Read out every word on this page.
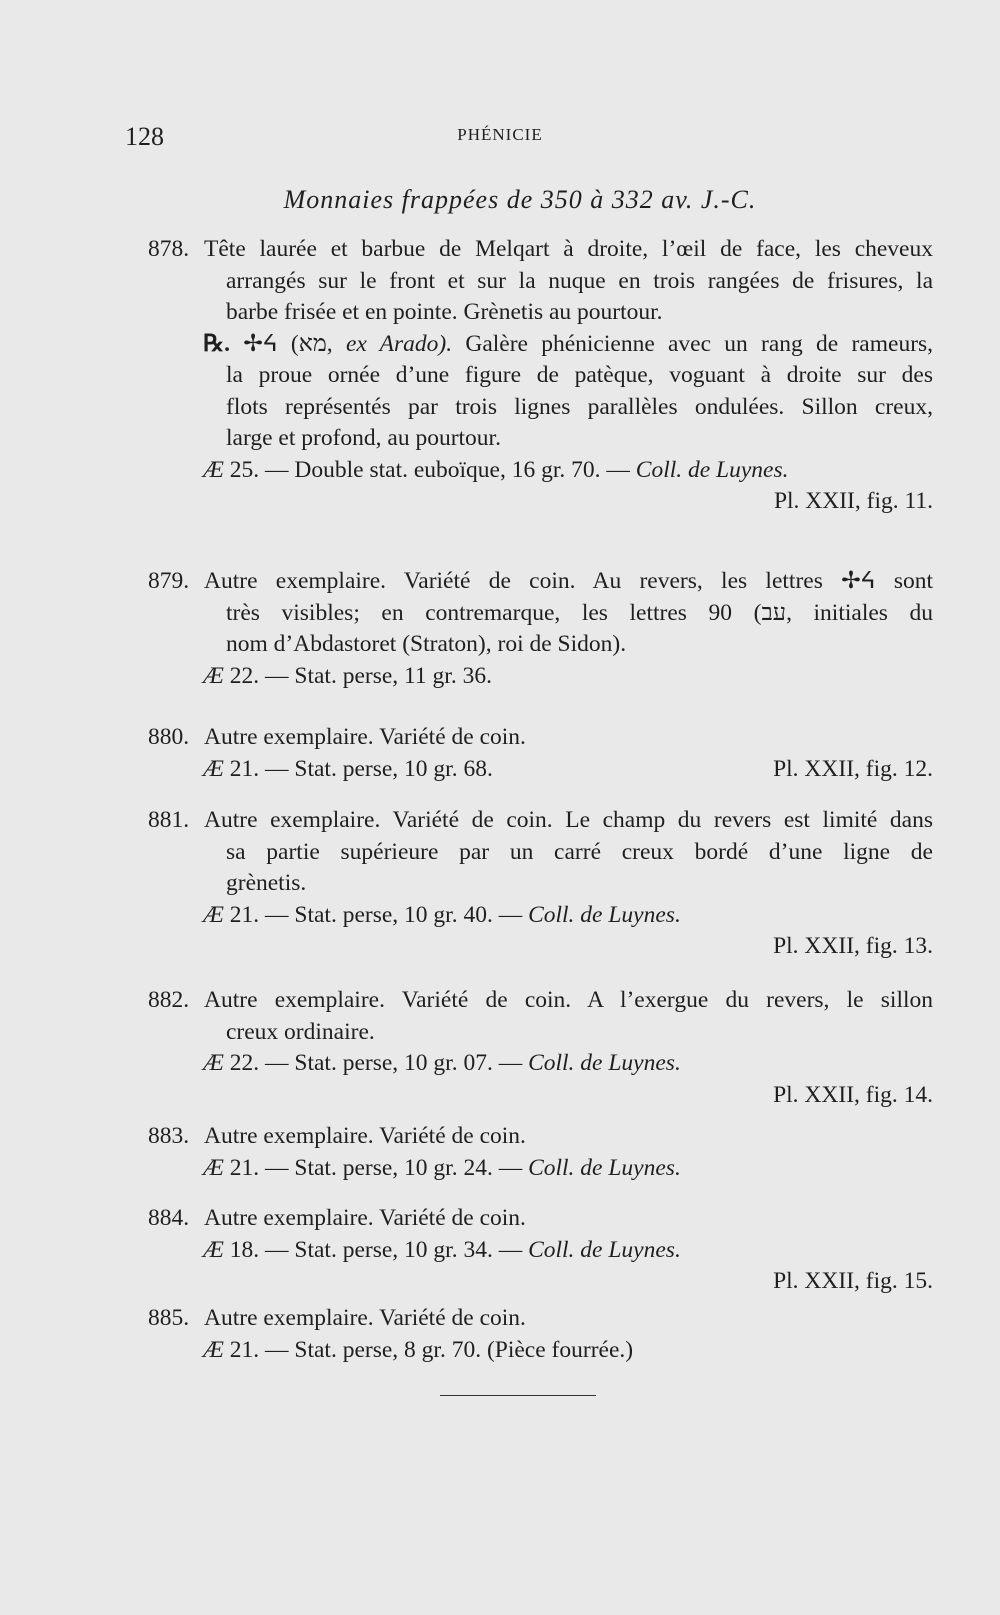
128	PHÉNICIE
Monnaies frappées de 350 à 332 av. J.-C.
878. Tête laurée et barbue de Melqart à droite, l’œil de face, les cheveux
arrangés sur le front et sur la nuque en trois rangées de frisures, la
barbe frisée et en pointe. Grènetis au pourtour.
℞. ✢ᔦ (מא, ex Arado). Galère phénicienne avec un rang de rameurs,
la proue ornée d’une figure de patèque, voguant à droite sur des
flots représentés par trois lignes parallèles ondulées. Sillon creux,
large et profond, au pourtour.
Æ 25. — Double stat. euboïque, 16 gr. 70. — Coll. de Luynes.
Pl. XXII, fig. 11.
879. Autre exemplaire. Variété de coin. Au revers, les lettres ✢ᔦ sont
très visibles; en contremarque, les lettres 90 (עב, initiales du
nom d’Abdastoret (Straton), roi de Sidon).
Æ 22. — Stat. perse, 11 gr. 36.
880. Autre exemplaire. Variété de coin.
Æ 21. — Stat. perse, 10 gr. 68.	Pl. XXII, fig. 12.
881. Autre exemplaire. Variété de coin. Le champ du revers est limité dans
sa partie supérieure par un carré creux bordé d’une ligne de
grènetis.
Æ 21. — Stat. perse, 10 gr. 40. — Coll. de Luynes.
Pl. XXII, fig. 13.
882. Autre exemplaire. Variété de coin. A l’exergue du revers, le sillon
creux ordinaire.
Æ 22. — Stat. perse, 10 gr. 07. — Coll. de Luynes.
Pl. XXII, fig. 14.
883. Autre exemplaire. Variété de coin.
Æ 21. — Stat. perse, 10 gr. 24. — Coll. de Luynes.
884. Autre exemplaire. Variété de coin.
Æ 18. — Stat. perse, 10 gr. 34. — Coll. de Luynes.
Pl. XXII, fig. 15.
885. Autre exemplaire. Variété de coin.
Æ 21. — Stat. perse, 8 gr. 70. (Pièce fourrée.)
